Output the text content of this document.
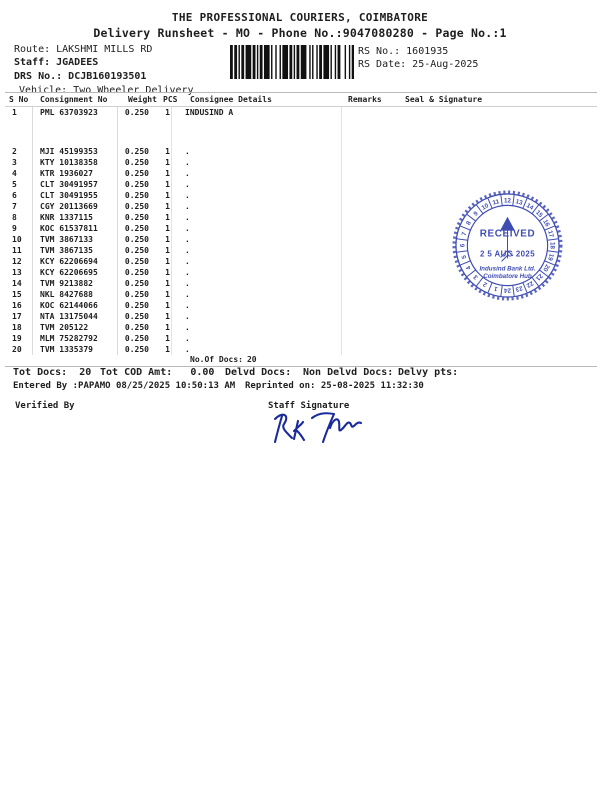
THE PROFESSIONAL COURIERS, COIMBATORE
Delivery Runsheet - MO - Phone No.:9047080280 - Page No.:1
Route: LAKSHMI MILLS RD
Staff: JGADEES
DRS No.: DCJB160193501
Vehicle: Two Wheeler Delivery
RS No.: 1601935
RS Date: 25-Aug-2025
S No	Consignment No	Weight PCS	Consignee Details	Remarks	Seal & Signature
1	PML 63703923	0.250	1	INDUSIND A
2	MJI 45199353	0.250	1	.
3	KTY 10138358	0.250	1	.
4	KTR 1936027	0.250	1	.
5	CLT 30491957	0.250	1	.
6	CLT 30491955	0.250	1	.
7	CGY 20113669	0.250	1	.
8	KNR 1337115	0.250	1	.
9	KOC 61537811	0.250	1	.
10	TVM 3867133	0.250	1	.
11	TVM 3867135	0.250	1	.
12	KCY 62206694	0.250	1	.
13	KCY 62206695	0.250	1	.
14	TVM 9213882	0.250	1	.
15	NKL 8427688	0.250	1	.
16	KOC 62144066	0.250	1	.
17	NTA 13175044	0.250	1	.
18	TVM 205122	0.250	1	.
19	MLM 75282792	0.250	1	.
20	TVM 1335379	0.250	1	.
No.Of Docs: 20
Tot Docs: 20 Tot COD Amt: 0.00 Delvd Docs:	Non Delvd Docs: Delvy pts:
Entered By :PAPAMO 08/25/2025 10:50:13 AM Reprinted on: 25-08-2025 11:32:30
Verified By	Staff Signature
1
2
3
4
5
6
7
8
9
10 11 12 13 14
15
16
17
18
19
20
21
22
23
24
RECEIVED
2 5 AUG 2025
Indusind Bank Ltd.
Coimbatore Hub
